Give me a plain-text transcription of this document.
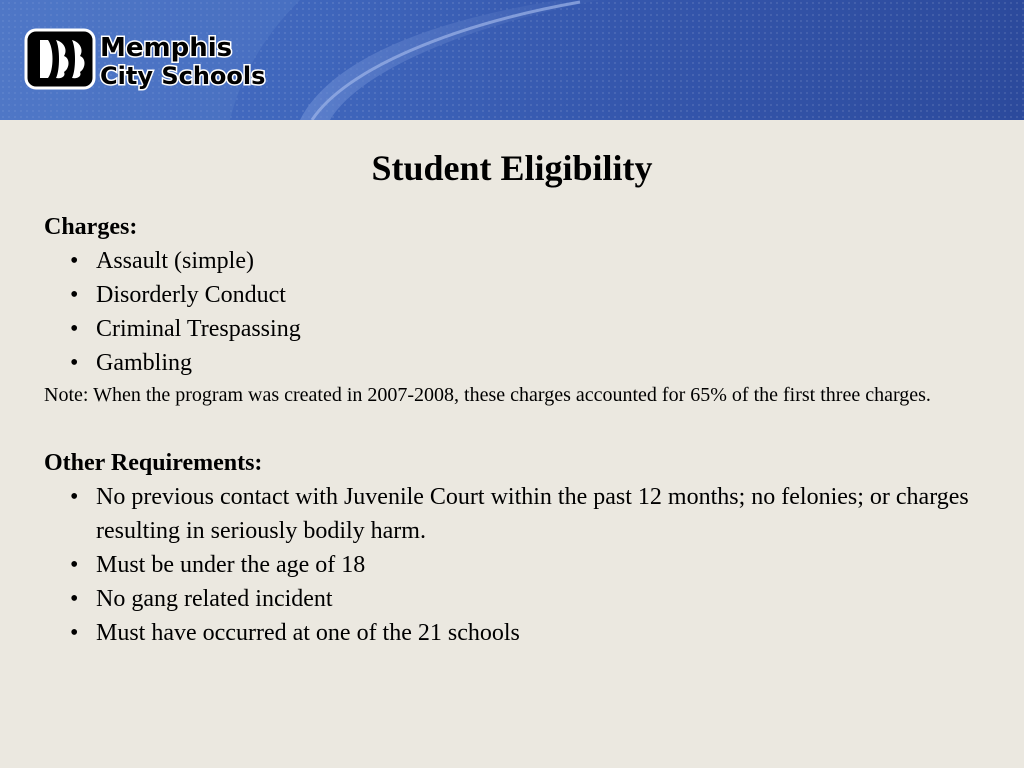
Memphis
City Schools
Student Eligibility

Charges:

• Assault (simple)
• Disorderly Conduct
• Criminal Trespassing
• Gambling

Note: When the program was created in 2007-2008, these charges accounted for 65% of the first three charges.

Other Requirements:

• No previous contact with Juvenile Court within the past 12 months; no felonies; or charges resulting in seriously bodily harm.
• Must be under the age of 18
• No gang related incident
• Must have occurred at one of the 21 schools
